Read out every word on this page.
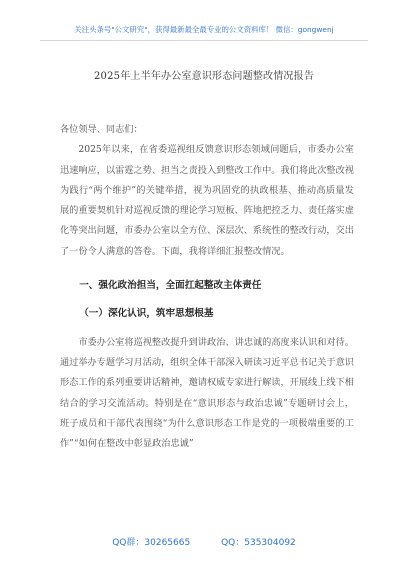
关注头条号"公文研究"，获得最新最全最专业的公文资料库！ 微信：gongwenj
2025年上半年办公室意识形态问题整改情况报告

各位领导、同志们：

2025年以来，在省委巡视组反馈意识形态领域问题后，市委办公室迅速响应，以雷霆之势、担当之责投入到整改工作中。我们将此次整改视为践行“两个维护”的关键举措，视为巩固党的执政根基、推动高质量发展的重要契机针对巡视反馈的理论学习短板、阵地把控乏力、责任落实虚化等突出问题，市委办公室以全方位、深层次、系统性的整改行动，交出了一份令人满意的答卷。下面，我将详细汇报整改情况。

一、强化政治担当，全面扛起整改主体责任

（一）深化认识，筑牢思想根基

市委办公室将巡视整改提升到讲政治、讲忠诚的高度来认识和对待。通过举办专题学习月活动，组织全体干部深入研读习近平总书记关于意识形态工作的系列重要讲话精神，邀请权威专家进行解读，开展线上线下相结合的学习交流活动。特别是在“意识形态与政治忠诚”专题研讨会上，班子成员和干部代表围绕“为什么意识形态工作是党的一项极端重要的工作”“如何在整改中彰显政治忠诚”

QQ群：30265665	QQ：535304092
